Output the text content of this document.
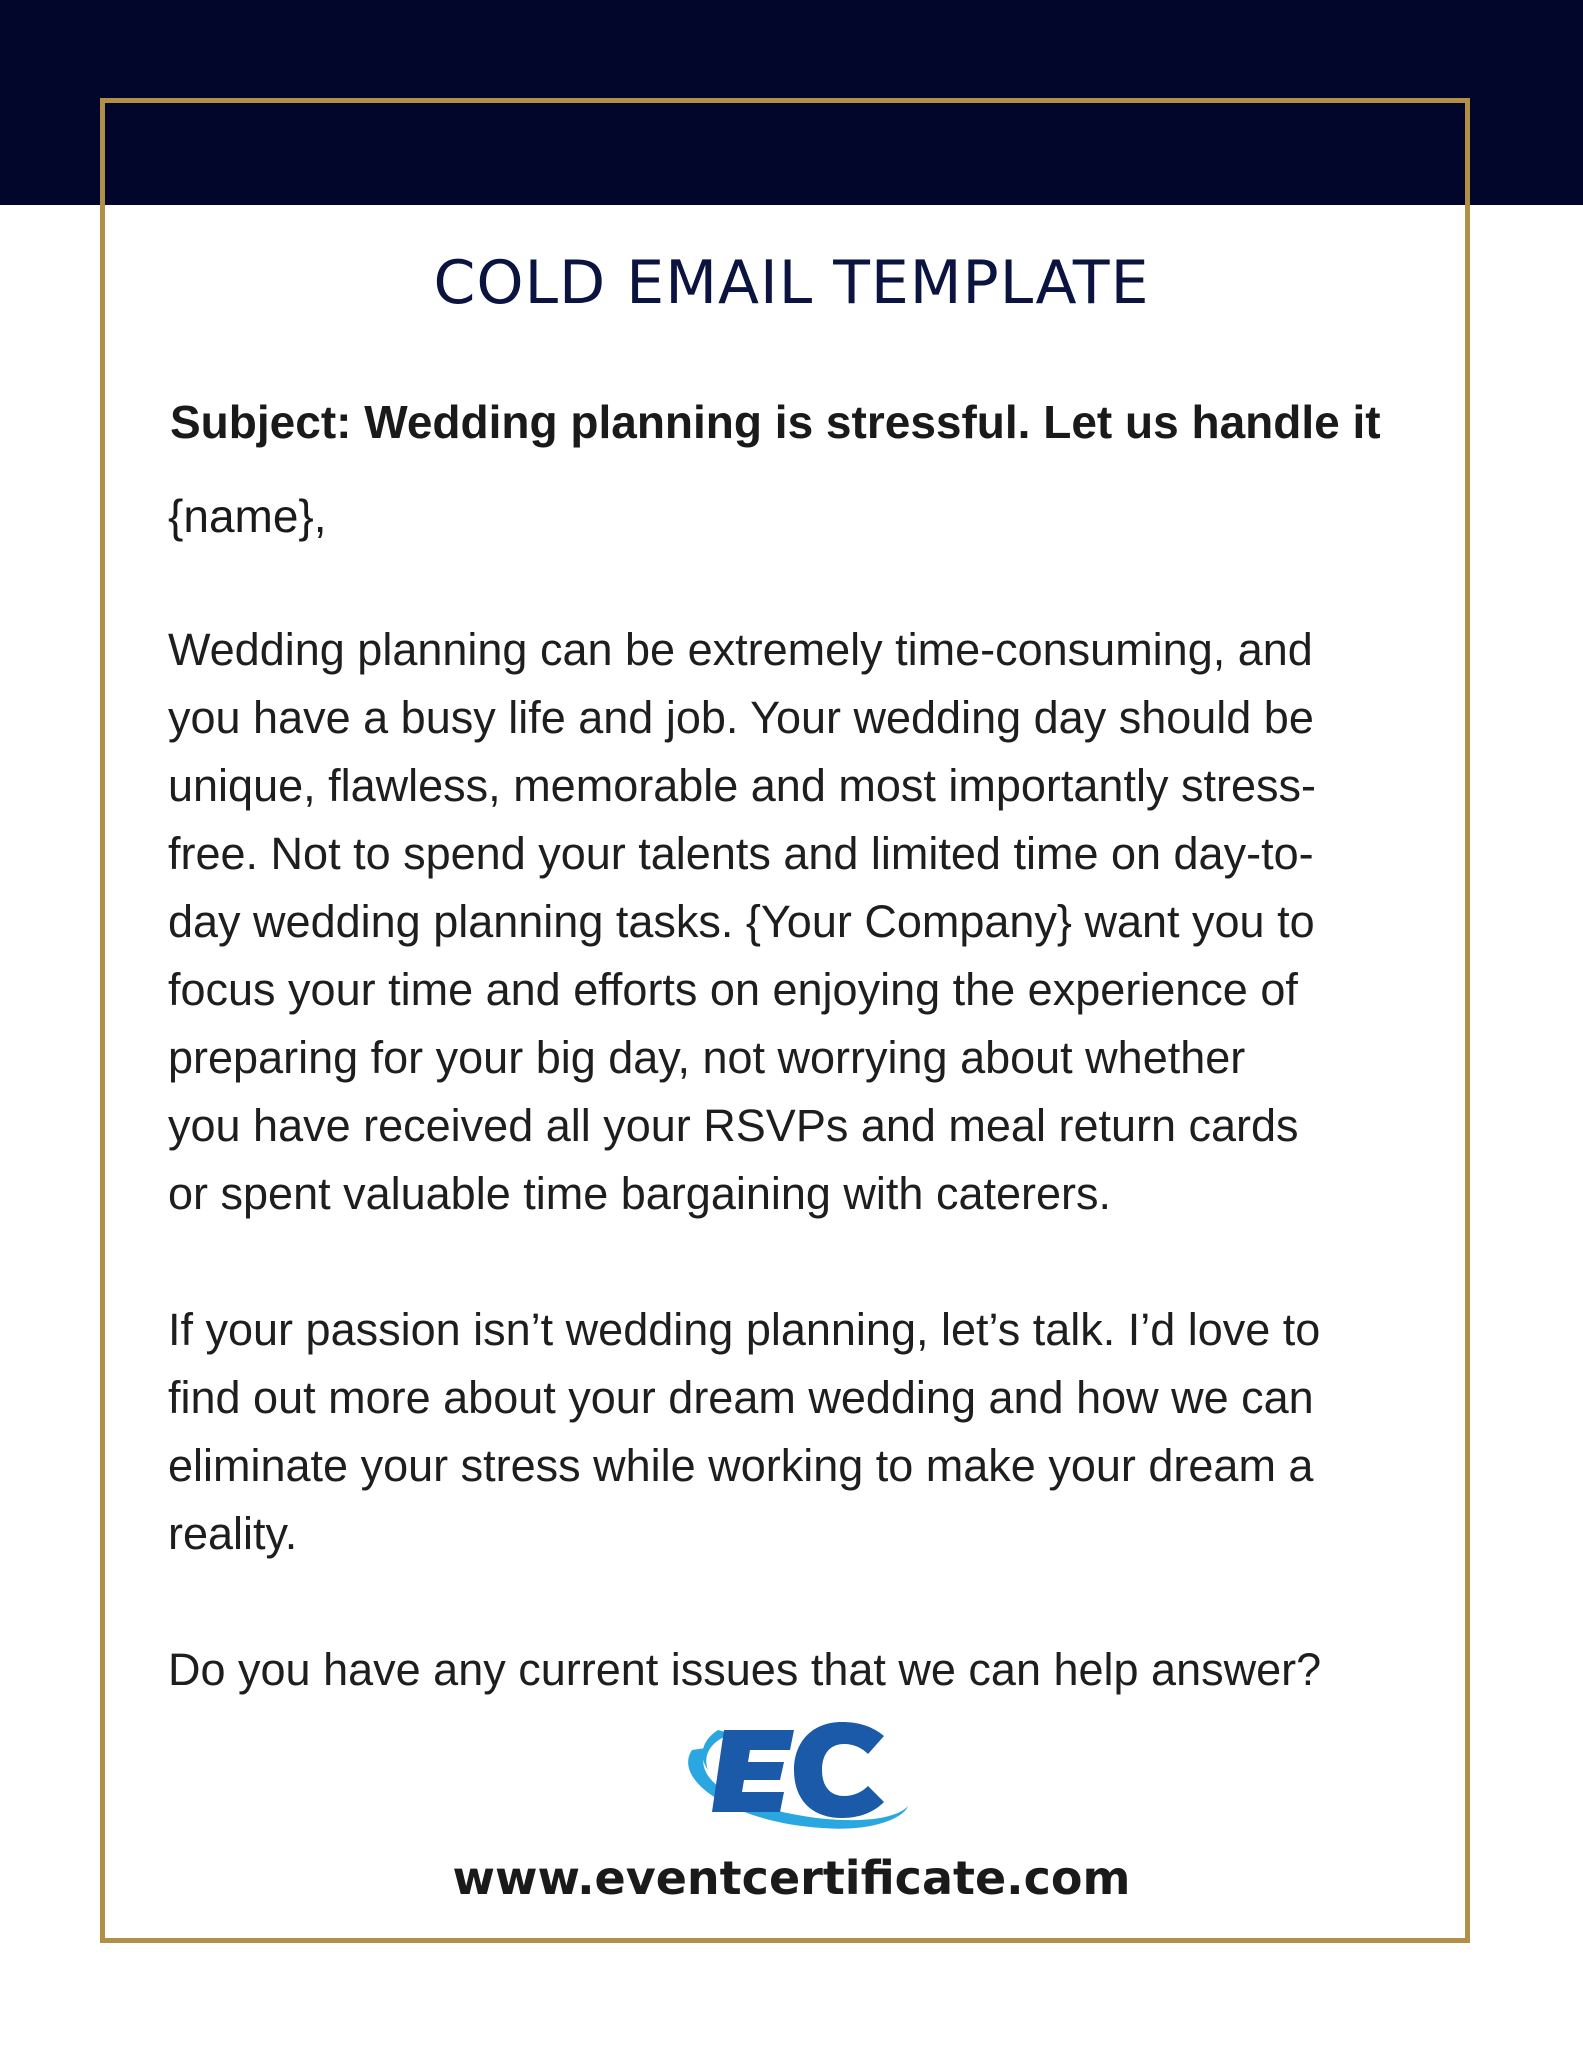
COLD EMAIL TEMPLATE
Subject: Wedding planning is stressful. Let us handle it
{name},
Wedding planning can be extremely time-consuming, and
you have a busy life and job. Your wedding day should be
unique, flawless, memorable and most importantly stress-
free. Not to spend your talents and limited time on day-to-
day wedding planning tasks. {Your Company} want you to
focus your time and efforts on enjoying the experience of
preparing for your big day, not worrying about whether
you have received all your RSVPs and meal return cards
or spent valuable time bargaining with caterers.
If your passion isn’t wedding planning, let’s talk. I’d love to
find out more about your dream wedding and how we can
eliminate your stress while working to make your dream a
reality.
Do you have any current issues that we can help answer?
EC
www.eventcertificate.com
